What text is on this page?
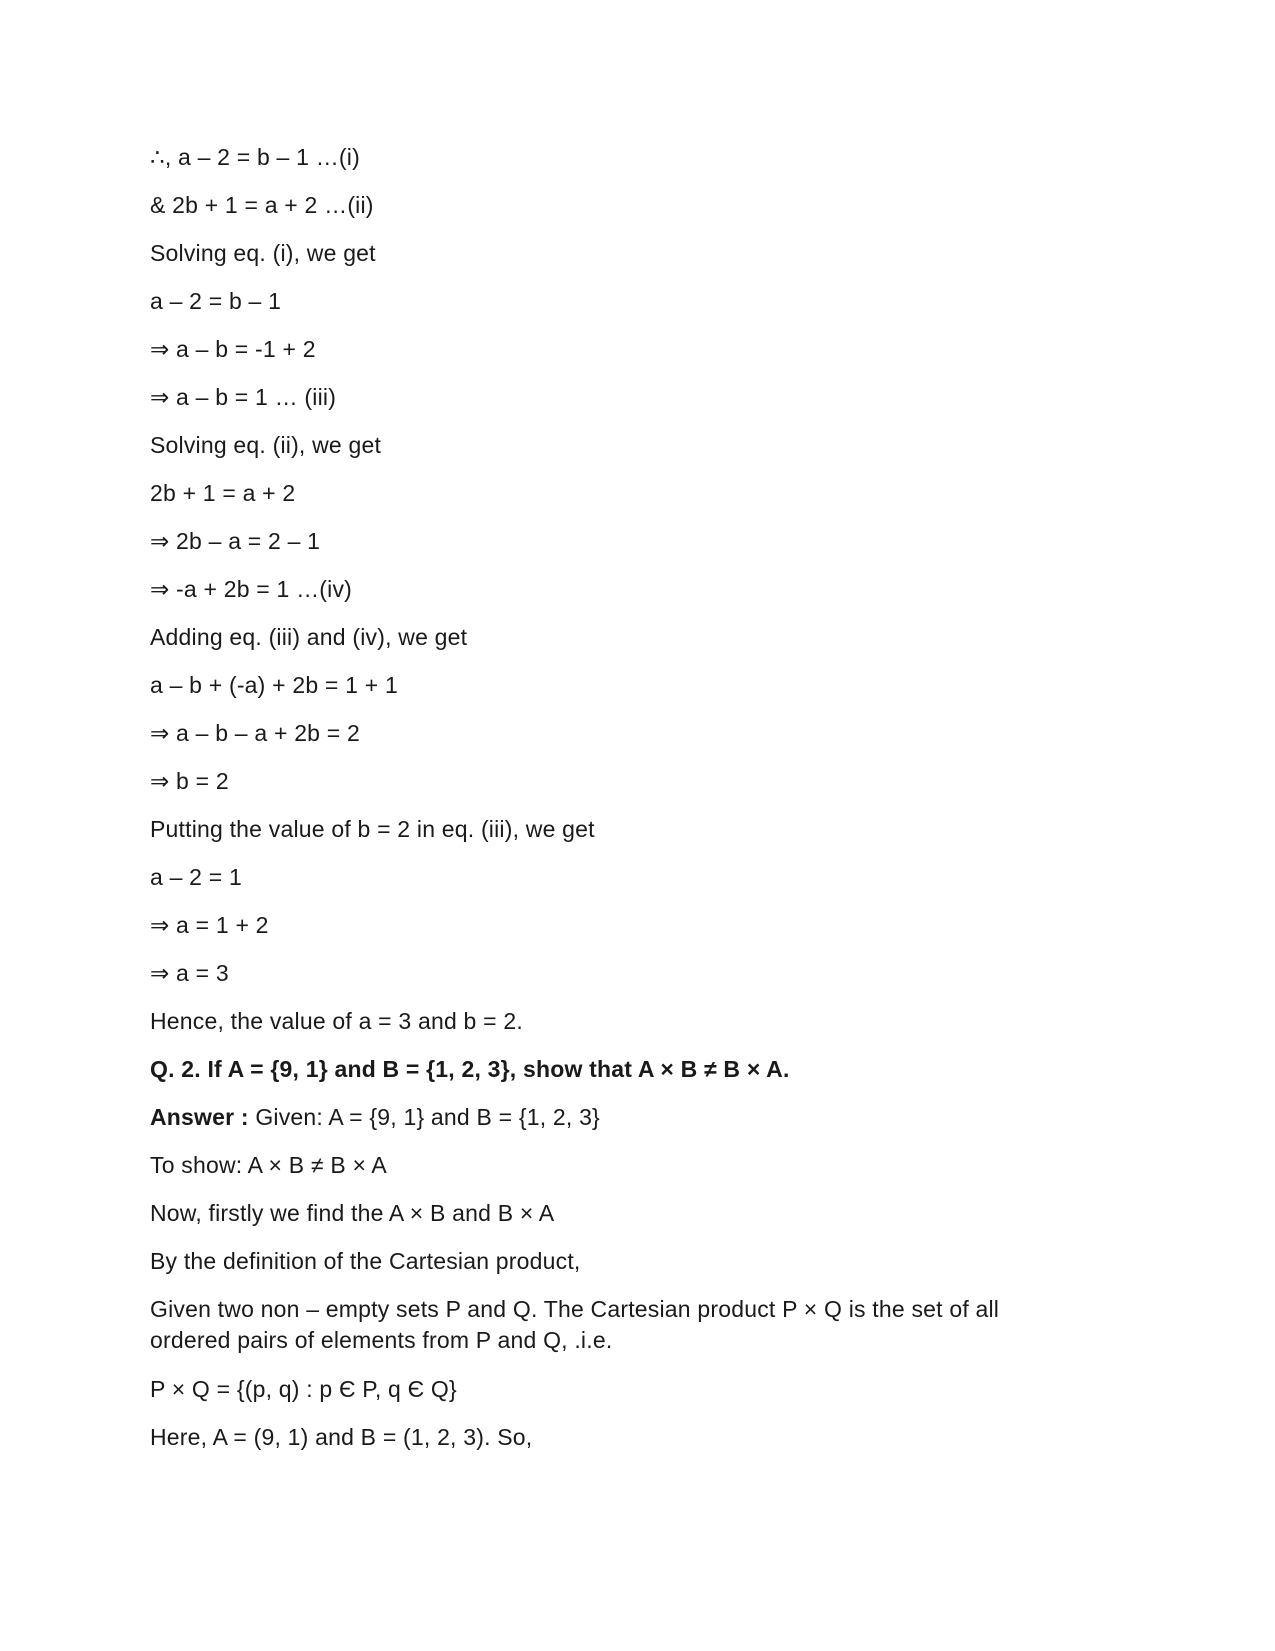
∴, a – 2 = b – 1 …(i)
& 2b + 1 = a + 2 …(ii)
Solving eq. (i), we get
a – 2 = b – 1
⇒ a – b = -1 + 2
⇒ a – b = 1 … (iii)
Solving eq. (ii), we get
2b + 1 = a + 2
⇒ 2b – a = 2 – 1
⇒ -a + 2b = 1 …(iv)
Adding eq. (iii) and (iv), we get
a – b + (-a) + 2b = 1 + 1
⇒ a – b – a + 2b = 2
⇒ b = 2
Putting the value of b = 2 in eq. (iii), we get
a – 2 = 1
⇒ a = 1 + 2
⇒ a = 3
Hence, the value of a = 3 and b = 2.
Q. 2. If A = {9, 1} and B = {1, 2, 3}, show that A × B ≠ B × A.
Answer : Given: A = {9, 1} and B = {1, 2, 3}
To show: A × B ≠ B × A
Now, firstly we find the A × B and B × A
By the definition of the Cartesian product,
Given two non – empty sets P and Q. The Cartesian product P × Q is the set of all ordered pairs of elements from P and Q, .i.e.
P × Q = {(p, q) : p Є P, q Є Q}
Here, A = (9, 1) and B = (1, 2, 3). So,
